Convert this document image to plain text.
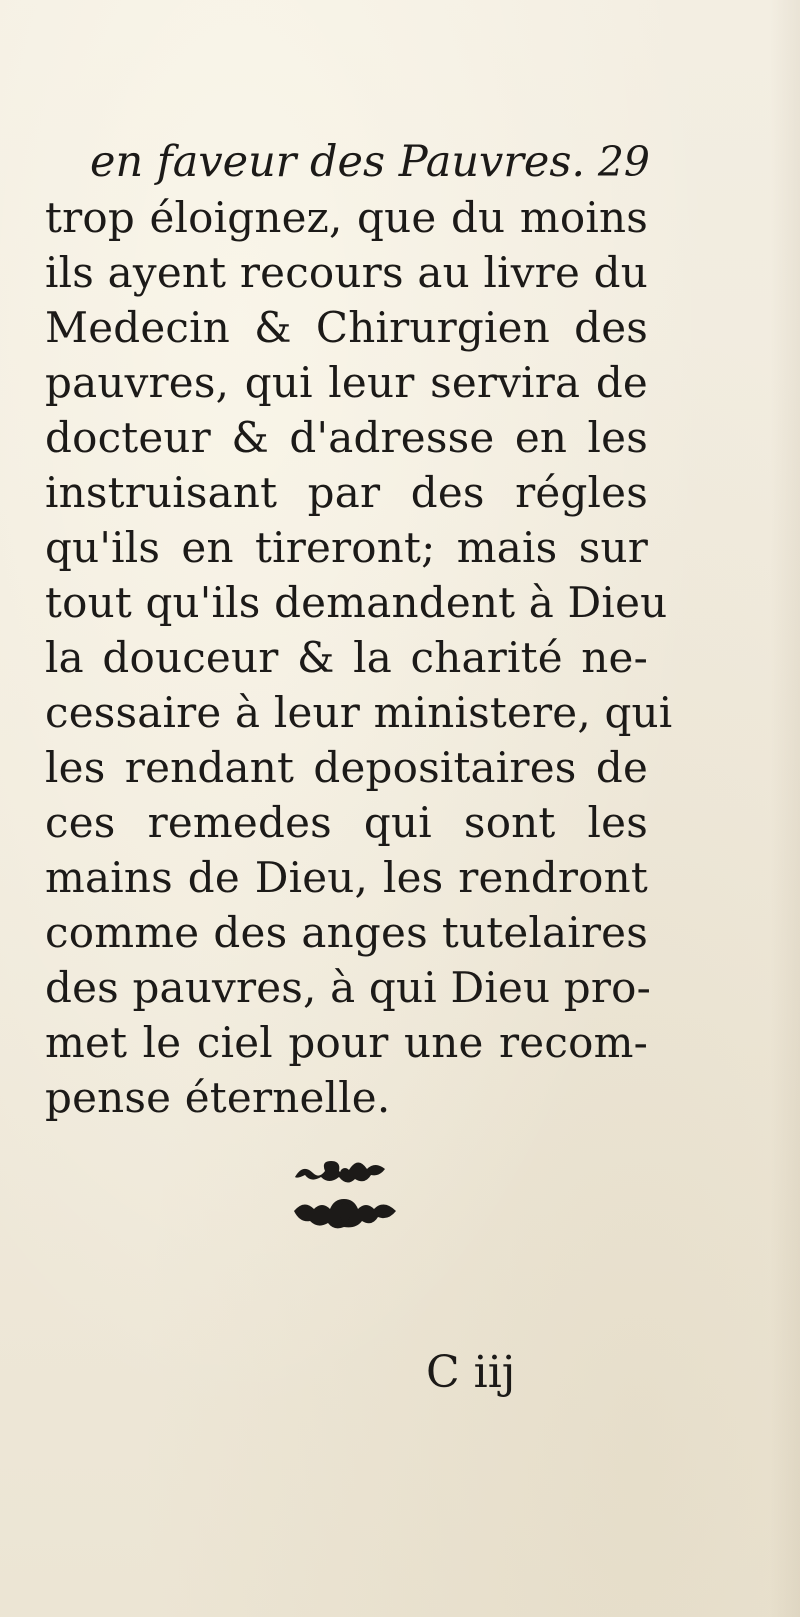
en faveur des Pauvres. 29
trop éloignez, que du moins
ils ayent recours au livre du
Medecin & Chirurgien des
pauvres, qui leur servira de
docteur & d'adresse en les
instruisant par des régles
qu'ils en tireront; mais sur
tout qu'ils demandent à Dieu
la douceur & la charité ne-
cessaire à leur ministere, qui
les rendant depositaires de
ces remedes qui sont les
mains de Dieu, les rendront
comme des anges tutelaires
des pauvres, à qui Dieu pro-
met le ciel pour une recom-
pense éternelle.
C iij
